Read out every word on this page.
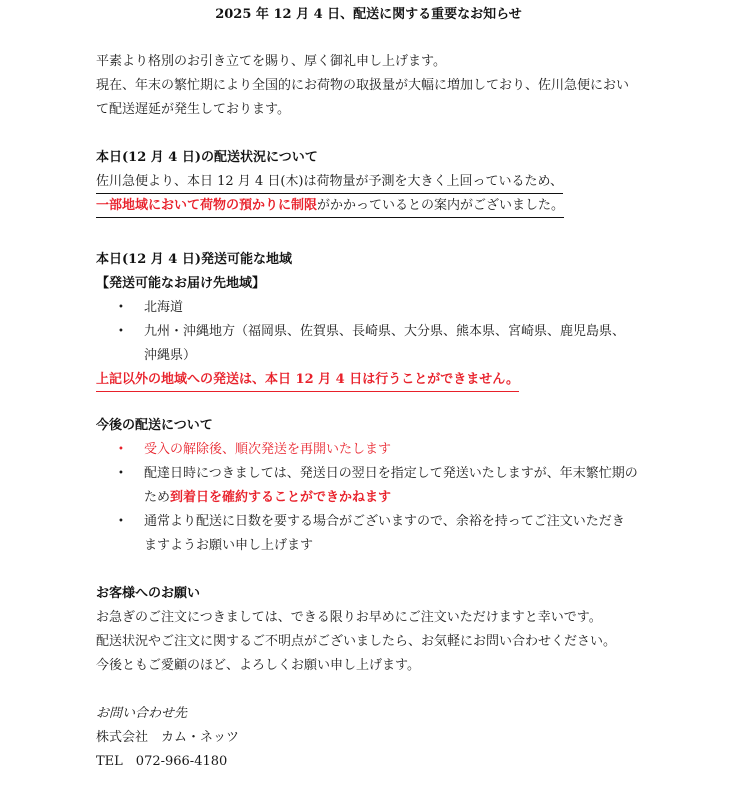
2025 年 12 月 4 日、配送に関する重要なお知らせ
平素より格別のお引き立てを賜り、厚く御礼申し上げます。
現在、年末の繁忙期により全国的にお荷物の取扱量が大幅に増加しており、佐川急便におい
て配送遅延が発生しております。
本日(12 月 4 日)の配送状況について
佐川急便より、本日 12 月 4 日(木)は荷物量が予測を大きく上回っているため、
一部地域において荷物の預かりに制限がかかっているとの案内がございました。
本日(12 月 4 日)発送可能な地域
【発送可能なお届け先地域】
• 北海道
• 九州・沖縄地方（福岡県、佐賀県、長崎県、大分県、熊本県、宮崎県、鹿児島県、
沖縄県）
上記以外の地域への発送は、本日 12 月 4 日は行うことができません。
今後の配送について
• 受入の解除後、順次発送を再開いたします
• 配達日時につきましては、発送日の翌日を指定して発送いたしますが、年末繁忙期の
ため到着日を確約することができかねます
• 通常より配送に日数を要する場合がございますので、余裕を持ってご注文いただき
ますようお願い申し上げます
お客様へのお願い
お急ぎのご注文につきましては、できる限りお早めにご注文いただけますと幸いです。
配送状況やご注文に関するご不明点がございましたら、お気軽にお問い合わせください。
今後ともご愛顧のほど、よろしくお願い申し上げます。
お問い合わせ先
株式会社　カム・ネッツ
TEL　072-966-4180
